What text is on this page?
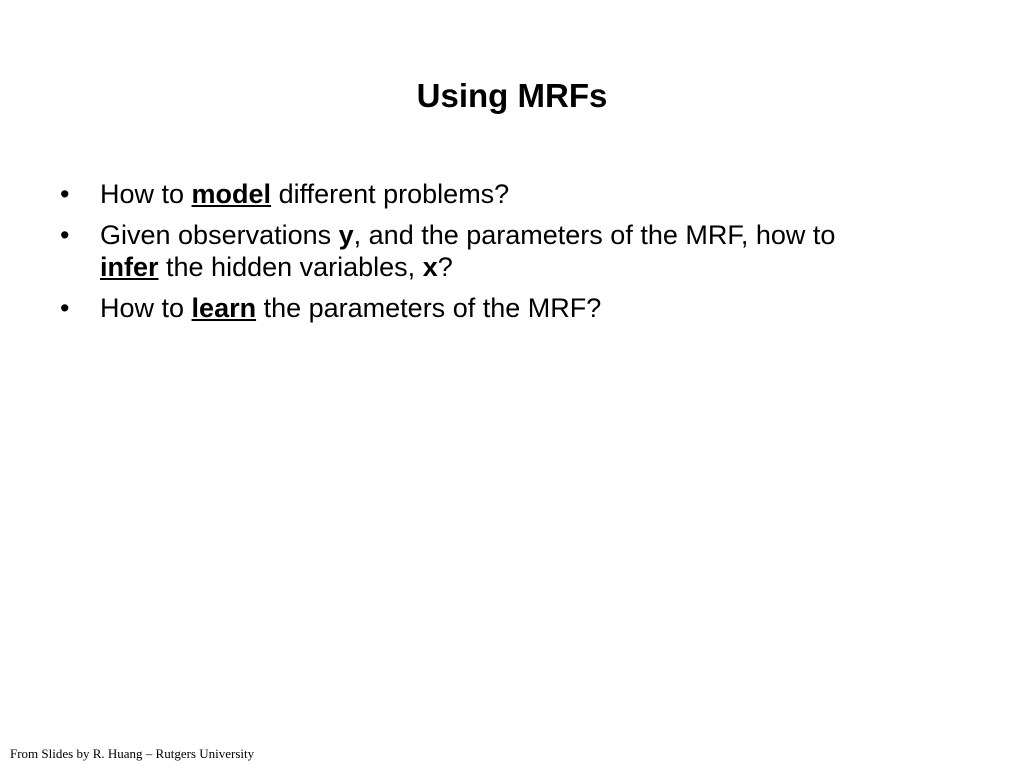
Using MRFs
•	How to model different problems?
•	Given observations y, and the parameters of the MRF, how to
infer the hidden variables, x?
•	How to learn the parameters of the MRF?
From Slides by R. Huang – Rutgers University
